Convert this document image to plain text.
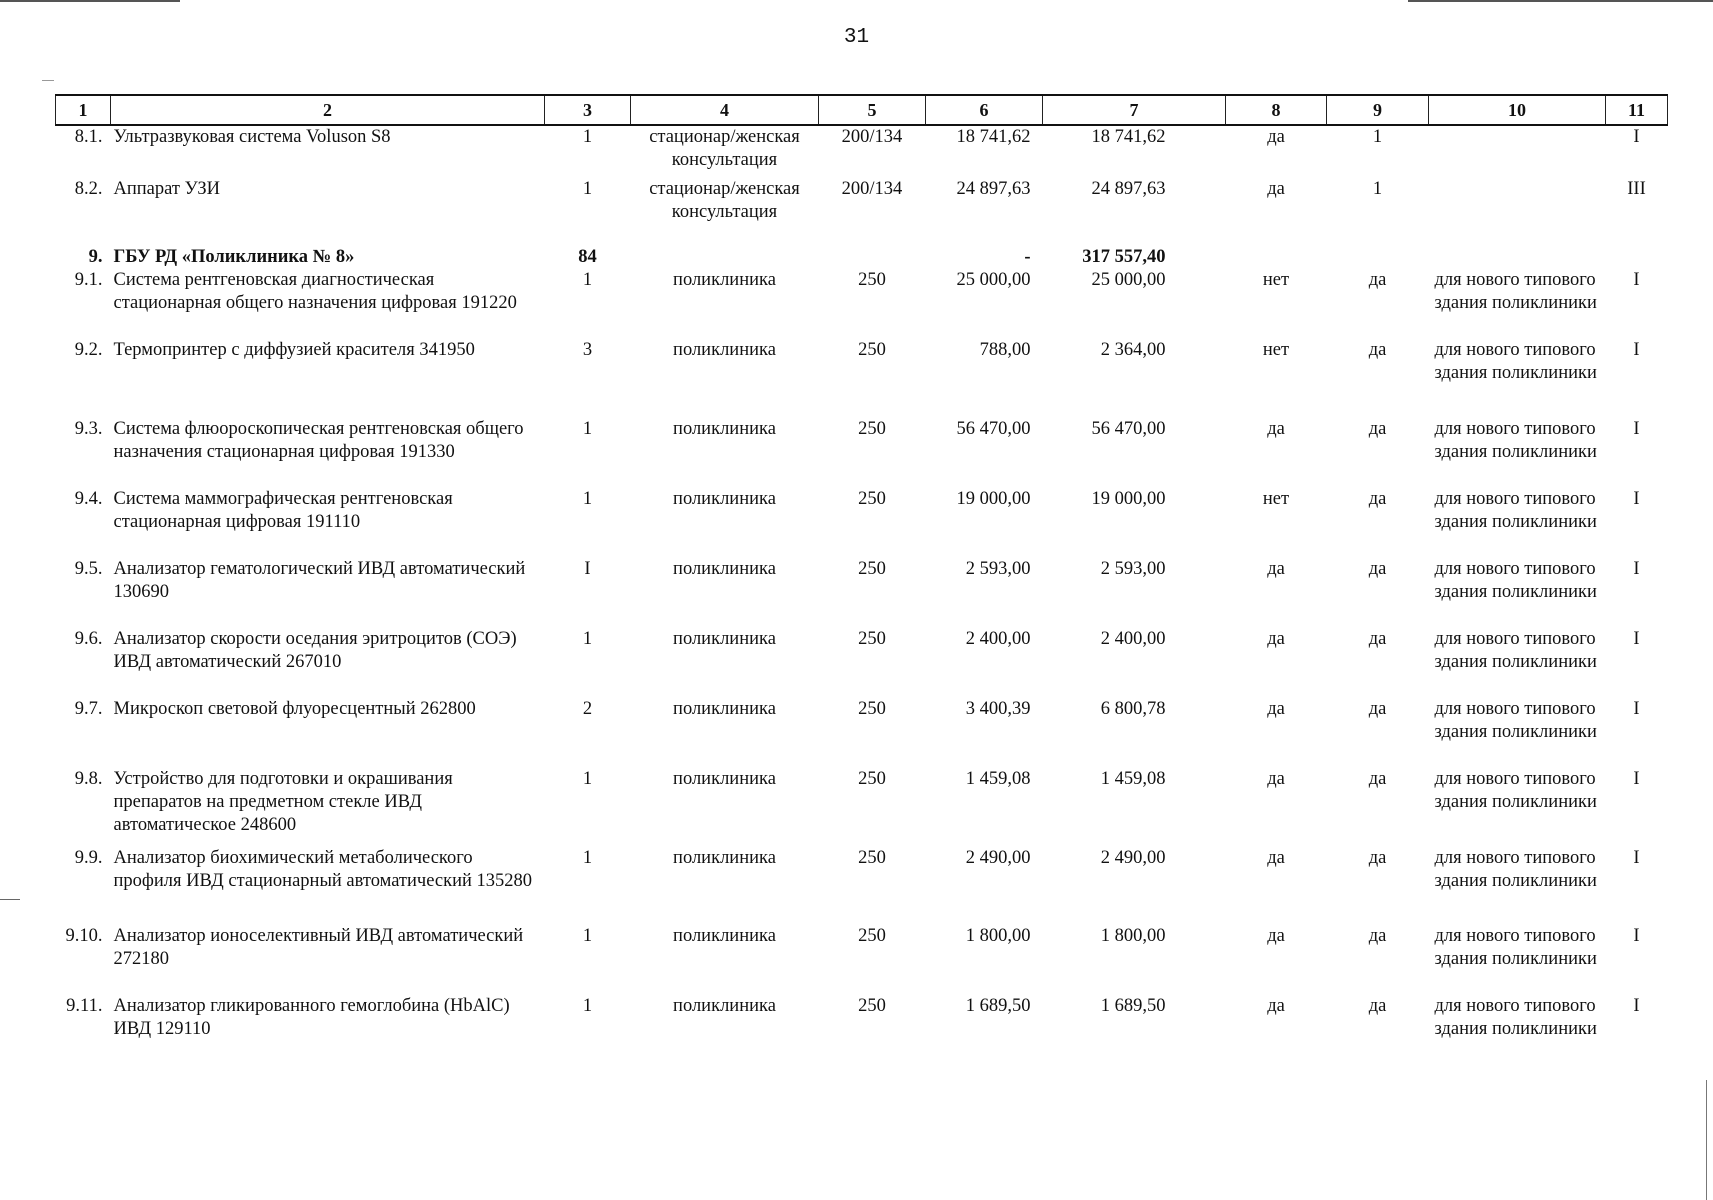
31
1	2	3	4	5	6	7	8	9	10	11
8.1.	Ультразвуковая система Voluson S8	1	стационар/женская консультация	200/134	18 741,62	18 741,62	да	1		I
8.2.	Аппарат УЗИ	1	стационар/женская консультация	200/134	24 897,63	24 897,63	да	1		III
9.	ГБУ РД «Поликлиника № 8»	84			-	317 557,40				
9.1.	Система рентгеновская диагностическая стационарная общего назначения цифровая 191220	1	поликлиника	250	25 000,00	25 000,00	нет	да	для нового типового здания поликлиники	I
9.2.	Термопринтер с диффузией красителя 341950	3	поликлиника	250	788,00	2 364,00	нет	да	для нового типового здания поликлиники	I
9.3.	Система флюороскопическая рентгеновская общего назначения стационарная цифровая 191330	1	поликлиника	250	56 470,00	56 470,00	да	да	для нового типового здания поликлиники	I
9.4.	Система маммографическая рентгеновская стационарная цифровая 191110	1	поликлиника	250	19 000,00	19 000,00	нет	да	для нового типового здания поликлиники	I
9.5.	Анализатор гематологический ИВД автоматический 130690	I	поликлиника	250	2 593,00	2 593,00	да	да	для нового типового здания поликлиники	I
9.6.	Анализатор скорости оседания эритроцитов (СОЭ) ИВД автоматический 267010	1	поликлиника	250	2 400,00	2 400,00	да	да	для нового типового здания поликлиники	I
9.7.	Микроскоп световой флуоресцентный 262800	2	поликлиника	250	3 400,39	6 800,78	да	да	для нового типового здания поликлиники	I
9.8.	Устройство для подготовки и окрашивания препаратов на предметном стекле ИВД автоматическое 248600	1	поликлиника	250	1 459,08	1 459,08	да	да	для нового типового здания поликлиники	I
9.9.	Анализатор биохимический метаболического профиля ИВД стационарный автоматический 135280	1	поликлиника	250	2 490,00	2 490,00	да	да	для нового типового здания поликлиники	I
9.10.	Анализатор ионоселективный ИВД автоматический 272180	1	поликлиника	250	1 800,00	1 800,00	да	да	для нового типового здания поликлиники	I
9.11.	Анализатор гликированного гемоглобина (HbAlC) ИВД 129110	1	поликлиника	250	1 689,50	1 689,50	да	да	для нового типового здания поликлиники	I
